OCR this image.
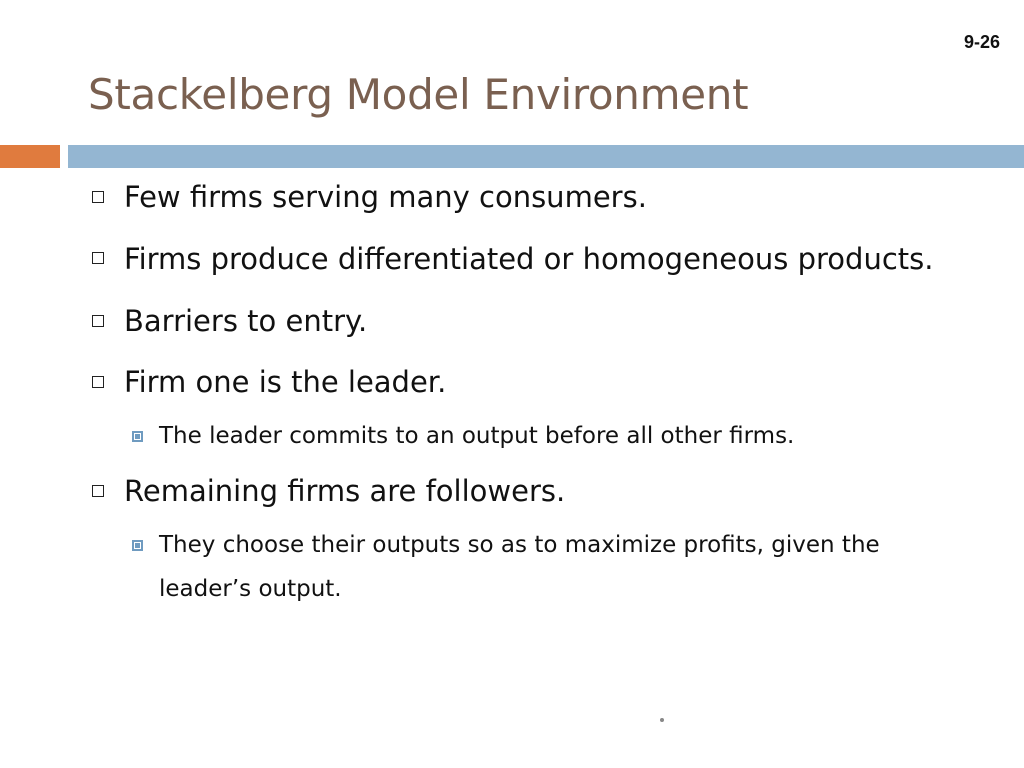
9-26
Stackelberg Model Environment
Few firms serving many consumers.
Firms produce differentiated or homogeneous products.
Barriers to entry.
Firm one is the leader.
The leader commits to an output before all other firms.
Remaining firms are followers.
They choose their outputs so as to maximize profits, given the leader’s output.
